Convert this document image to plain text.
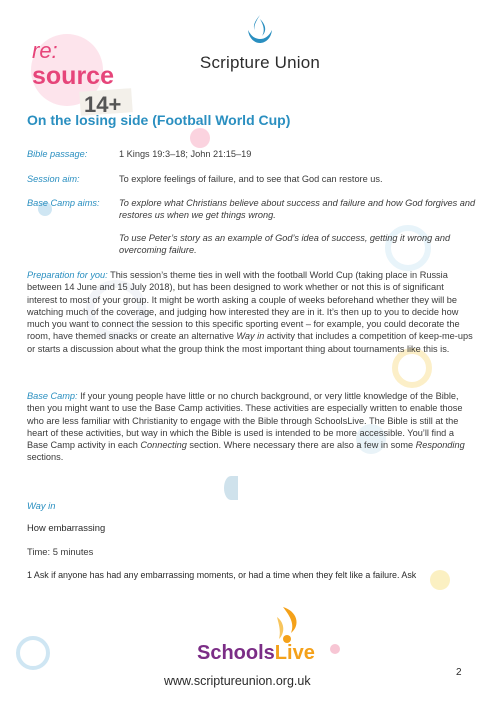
re:
source
14+
Scripture Union
On the losing side (Football World Cup)
Bible passage:	1 Kings 19:3–18; John 21:15–19
Session aim:	To explore feelings of failure, and to see that God can restore us.
Base Camp aims:	To explore what Christians believe about success and failure and how God forgives and restores us when we get things wrong.
To use Peter’s story as an example of God’s idea of success, getting it wrong and overcoming failure.
Preparation for you: This session’s theme ties in well with the football World Cup (taking place in Russia between 14 June and 15 July 2018), but has been designed to work whether or not this is of significant interest to most of your group. It might be worth asking a couple of weeks beforehand whether they will be watching much of the coverage, and judging how interested they are in it. It’s then up to you to decide how much you want to connect the session to this specific sporting event – for example, you could decorate the room, have themed snacks or create an alternative Way in activity that includes a competition of keep-me-ups or starts a discussion about what the group think the most important thing about tournaments like this is.
Base Camp: If your young people have little or no church background, or very little knowledge of the Bible, then you might want to use the Base Camp activities. These activities are especially written to enable those who are less familiar with Christianity to engage with the Bible through SchoolsLive. The Bible is still at the heart of these activities, but way in which the Bible is used is intended to be more accessible. You’ll find a Base Camp activity in each Connecting section. Where necessary there are also a few in some Responding sections.
Way in
How embarrassing
Time: 5 minutes
1 Ask if anyone has had any embarrassing moments, or had a time when they felt like a failure. Ask
SchoolsLive
www.scriptureunion.org.uk
2
